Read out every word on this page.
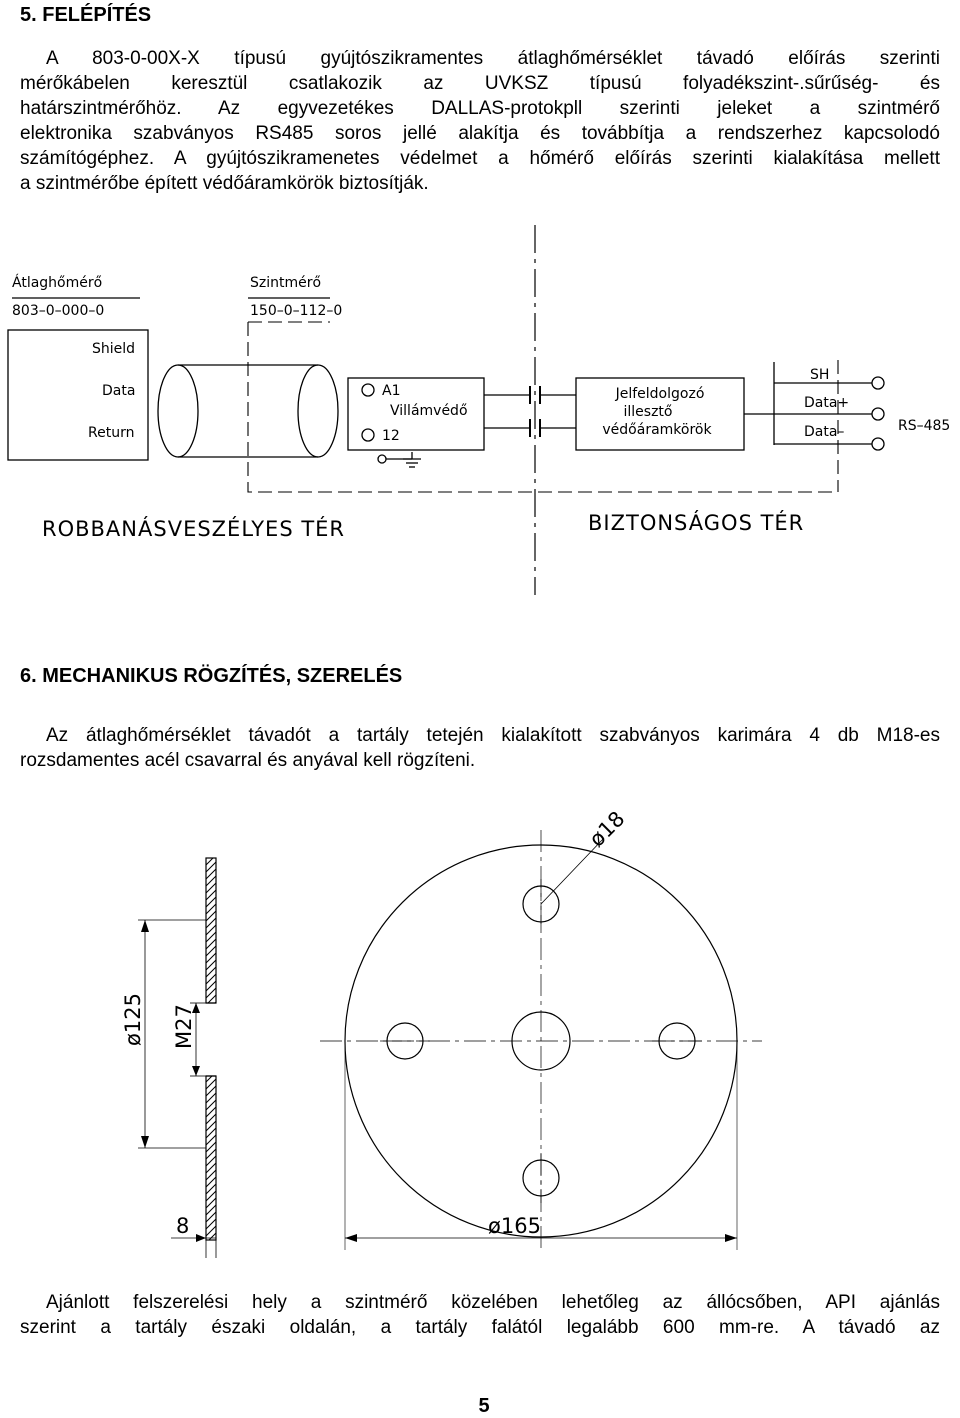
5. FELÉPÍTÉS

A 803-0-00X-X típusú gyújtószikramentes átlaghőmérséklet távadó előírás szerinti
mérőkábelen keresztül csatlakozik az UVKSZ típusú folyadékszint-.sűrűség- és
határszintmérőhöz. Az egyvezetékes DALLAS-protokpll szerinti jeleket a szintmérő
elektronika szabványos RS485 soros jellé alakítja és továbbítja a rendszerhez kapcsolodó
számítógéphez. A gyújtószikramenetes védelmet a hőmérő előírás szerinti kialakítása mellett
a szintmérőbe épített védőáramkörök biztosítják.
Átlaghőmérő
803–0–000–0
Szintmérő
150–0–112–0
Shield
Data
Return
A1
Villámvédő
12
Jelfeldolgozó
illesztő
védőáramkörök
SH
Data+
Data–	RS–485
ROBBANÁSVESZÉLYES TÉR	BIZTONSÁGOS TÉR

6. MECHANIKUS RÖGZÍTÉS, SZERELÉS

Az átlaghőmérséklet távadót a tartály tetején kialakított szabványos karimára 4 db M18-es
rozsdamentes acél csavarral és anyával kell rögzíteni.
ø18
ø125 M27
8	ø165
Ajánlott felszerelési hely a szintmérő közelében lehetőleg az állócsőben, API ajánlás
szerint a tartály északi oldalán, a tartály falától legalább 600 mm-re. A távadó az

5
